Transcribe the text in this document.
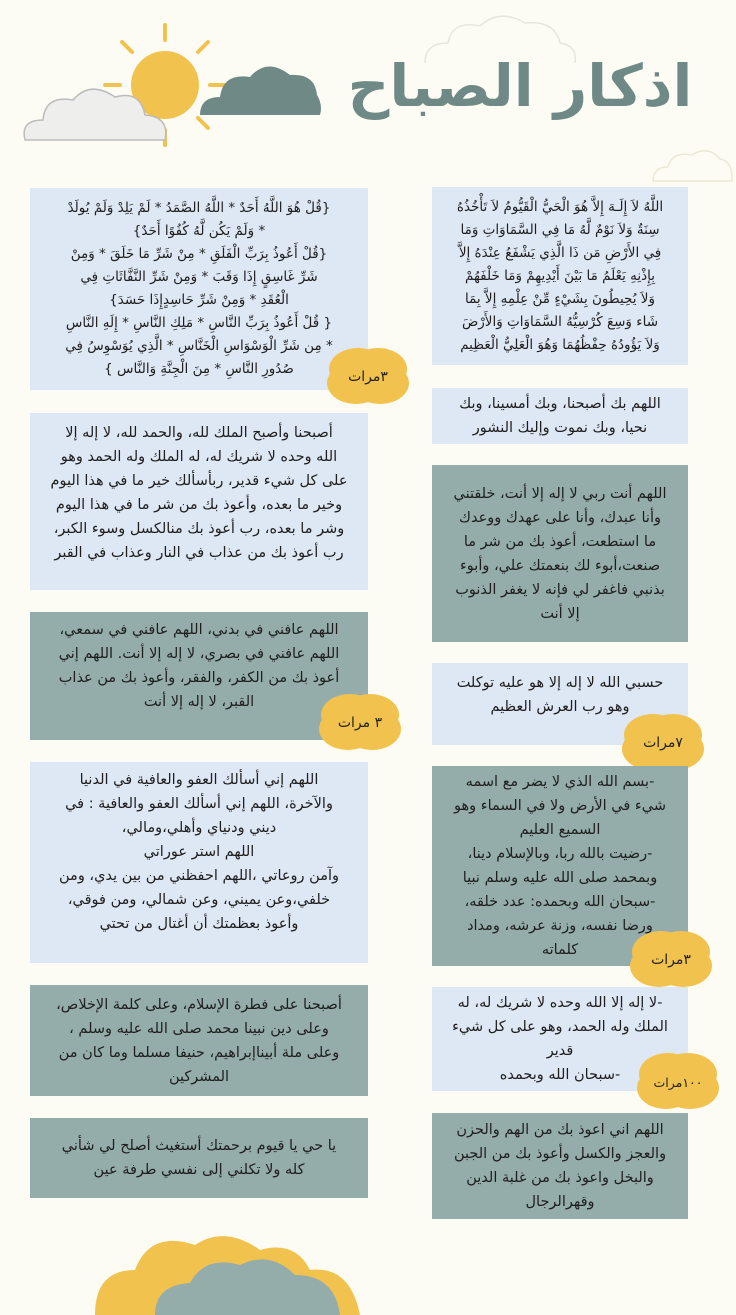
اذكار الصباح
{قُلْ هُوَ اللَّهُ أَحَدٌ * اللَّهُ الصَّمَدُ * لَمْ يَلِدْ وَلَمْ يُولَدْ
* وَلَمْ يَكُن لَّهُ كُفُوًا أَحَدٌ}
{قُلْ أَعُوذُ بِرَبِّ الْفَلَقِ * مِنْ شَرِّ مَا خَلَقَ * وَمِنْ
شَرِّ غَاسِقٍ إِذَا وَقَبَ * وَمِنْ شَرِّ النَّفَّاثَاتِ فِي
الْعُقَدِ * وَمِنْ شَرِّ حَاسِدٍإِذَا حَسَدَ}
{ قُلْ أَعُوذُ بِرَبِّ النَّاسِ * مَلِكِ النَّاسِ * إِلَهِ النَّاسِ
* مِن شَرِّ الْوَسْوَاسِ الْخَنَّاسِ * الَّذِي يُوَسْوِسُ فِي
صُدُورِ النَّاسِ * مِنَ الْجِنَّةِ وَالنَّاس }	٣مرات
أصبحنا وأصبح الملك لله، والحمد لله، لا إله إلا
الله وحده لا شريك له، له الملك وله الحمد وهو
على كل شيء قدير، ربأسألك خير ما في هذا اليوم
وخير ما بعده، وأعوذ بك من شر ما في هذا اليوم
وشر ما بعده، رب أعوذ بك منالكسل وسوء الكبر،
رب أعوذ بك من عذاب في النار وعذاب في القبر
اللهم عافني في بدني، اللهم عافني في سمعي،
اللهم عافني في بصري، لا إله إلا أنت. اللهم إني
أعوذ بك من الكفر، والفقر، وأعوذ بك من عذاب
القبر، لا إله إلا أنت
٣ مرات
اللهم إني أسألك العفو والعافية في الدنيا
والآخرة، اللهم إني أسألك العفو والعافية : في
ديني ودنياي وأهلي،ومالي،
اللهم استر عوراتي
وآمن روعاتي ،اللهم احفظني من بين يدي، ومن
خلفي،وعن يميني، وعن شمالي، ومن فوقي،
وأعوذ بعظمتك أن أغتال من تحتي
أصبحنا على فطرة الإسلام، وعلى كلمة الإخلاص،
وعلى دين نبينا محمد صلى الله عليه وسلم ،
وعلى ملة أبيناإبراهيم، حنيفا مسلما وما كان من
المشركين
يا حي يا قيوم برحمتك أستغيث أصلح لي شأني
كله ولا تكلني إلى نفسي طرفة عين
اللَّهُ لاَ إِلَـهَ إِلاَّ هُوَ الْحَيُّ الْقَيُّومُ لاَ تَأْخُذُهُ
سِنَةٌ وَلاَ نَوْمٌ لَّهُ مَا فِي السَّمَاوَاتِ وَمَا
فِي الأَرْضِ مَن ذَا الَّذِي يَشْفَعُ عِنْدَهُ إِلاَّ
بِإِذْنِهِ يَعْلَمُ مَا بَيْنَ أَيْدِيهِمْ وَمَا خَلْفَهُمْ
وَلاَ يُحِيطُونَ بِشَيْءٍ مِّنْ عِلْمِهِ إِلاَّ بِمَا
شَاء وَسِعَ كُرْسِيُّهُ السَّمَاوَاتِ وَالأَرْضَ
وَلاَ يَؤُودُهُ حِفْظُهُمَا وَهُوَ الْعَلِيُّ الْعَظِيم
اللهم بك أصبحنا، وبك أمسينا، وبك
نحيا، وبك نموت وإليك النشور
اللهم أنت ربي لا إله إلا أنت، خلقتني
وأنا عبدك، وأنا على عهدك ووعدك
ما استطعت، أعوذ بك من شر ما
صنعت،أبوء لك بنعمتك علي، وأبوء
بذنبي فاغفر لي فإنه لا يغفر الذنوب
إلا أنت
حسبي الله لا إله إلا هو عليه توكلت
وهو رب العرش العظيم
٧مرات
-بسم الله الذي لا يضر مع اسمه
شيء في الأرض ولا في السماء وهو
السميع العليم
-رضيت بالله ربا، وبالإسلام دينا،
وبمحمد صلى الله عليه وسلم نبيا
-سبحان الله وبحمده: عدد خلقه،
ورضا نفسه، وزنة عرشه، ومداد
كلماته
٣مرات
-لا إله إلا الله وحده لا شريك له، له
الملك وله الحمد، وهو على كل شيء
قدير
-سبحان الله وبحمده	١٠٠مرات
اللهم اني اعوذ بك من الهم والحزن
والعجز والكسل وأعوذ بك من الجبن
والبخل واعوذ بك من غلبة الدين
وقهرالرجال
